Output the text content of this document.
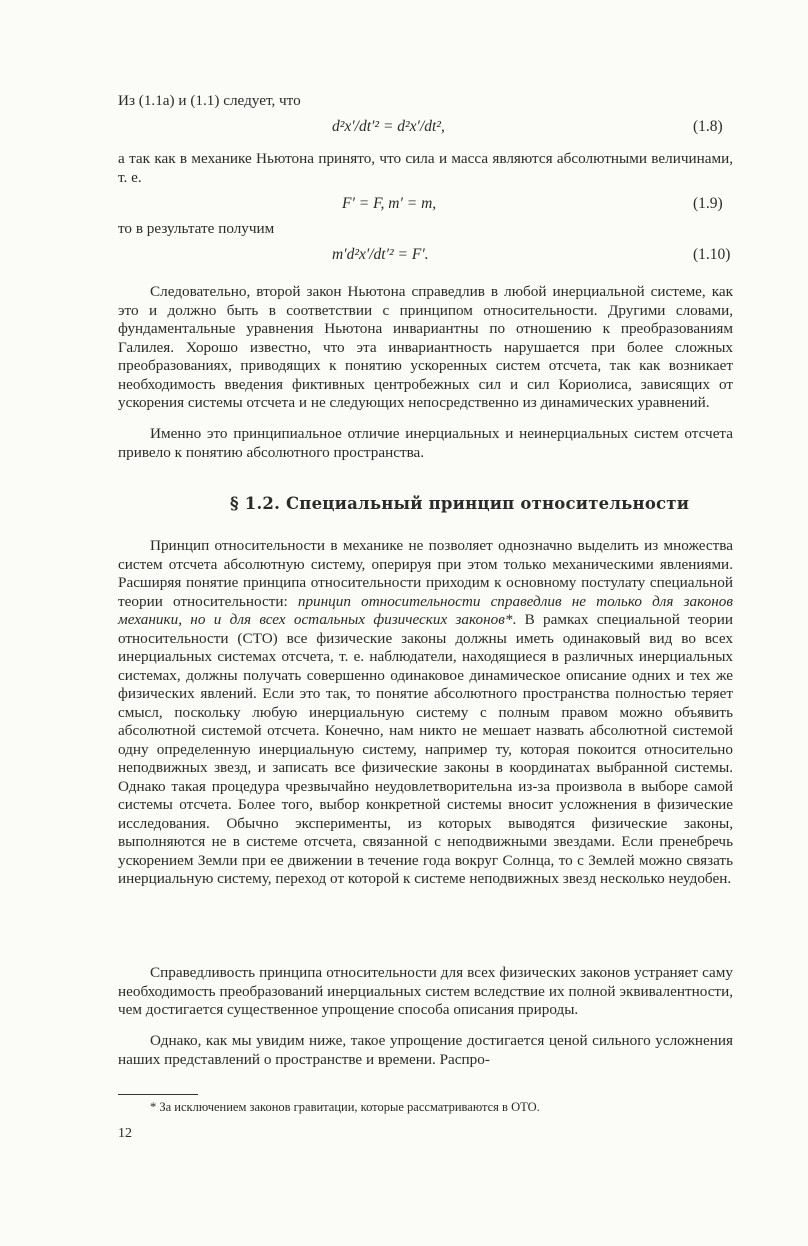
Из (1.1а) и (1.1) следует, что
d²x′/dt′² = d²x′/dt²,	(1.8)
а так как в механике Ньютона принято, что сила и масса являются абсолютными величинами, т. е.
F′ = F, m′ = m,	(1.9)
то в результате получим
m′d²x′/dt′² = F′.	(1.10)
Следовательно, второй закон Ньютона справедлив в любой инерциальной системе, как это и должно быть в соответствии с принципом относительности. Другими словами, фундаментальные уравнения Ньютона инвариантны по отношению к преобразованиям Галилея. Хорошо известно, что эта инвариантность нарушается при более сложных преобразованиях, приводящих к понятию ускоренных систем отсчета, так как возникает необходимость введения фиктивных центробежных сил и сил Кориолиса, зависящих от ускорения системы отсчета и не следующих непосредственно из динамических уравнений.
Именно это принципиальное отличие инерциальных и неинерциальных систем отсчета привело к понятию абсолютного пространства.
§ 1.2. Специальный принцип относительности
Принцип относительности в механике не позволяет однозначно выделить из множества систем отсчета абсолютную систему, оперируя при этом только механическими явлениями. Расширяя понятие принципа относительности приходим к основному постулату специальной теории относительности: принцип относительности справедлив не только для законов механики, но и для всех остальных физических законов*. В рамках специальной теории относительности (СТО) все физические законы должны иметь одинаковый вид во всех инерциальных системах отсчета, т. е. наблюдатели, находящиеся в различных инерциальных системах, должны получать совершенно одинаковое динамическое описание одних и тех же физических явлений. Если это так, то понятие абсолютного пространства полностью теряет смысл, поскольку любую инерциальную систему с полным правом можно объявить абсолютной системой отсчета. Конечно, нам никто не мешает назвать абсолютной системой одну определенную инерциальную систему, например ту, которая покоится относительно неподвижных звезд, и записать все физические законы в координатах выбранной системы. Однако такая процедура чрезвычайно неудовлетворительна из-за произвола в выборе самой системы отсчета. Более того, выбор конкретной системы вносит усложнения в физические исследования. Обычно эксперименты, из которых выводятся физические законы, выполняются не в системе отсчета, связанной с неподвижными звездами. Если пренебречь ускорением Земли при ее движении в течение года вокруг Солнца, то с Землей можно связать инерциальную систему, переход от которой к системе неподвижных звезд несколько неудобен.
Справедливость принципа относительности для всех физических законов устраняет саму необходимость преобразований инерциальных систем вследствие их полной эквивалентности, чем достигается существенное упрощение способа описания природы.
Однако, как мы увидим ниже, такое упрощение достигается ценой сильного усложнения наших представлений о пространстве и времени. Распро-
* За исключением законов гравитации, которые рассматриваются в ОТО.
12
